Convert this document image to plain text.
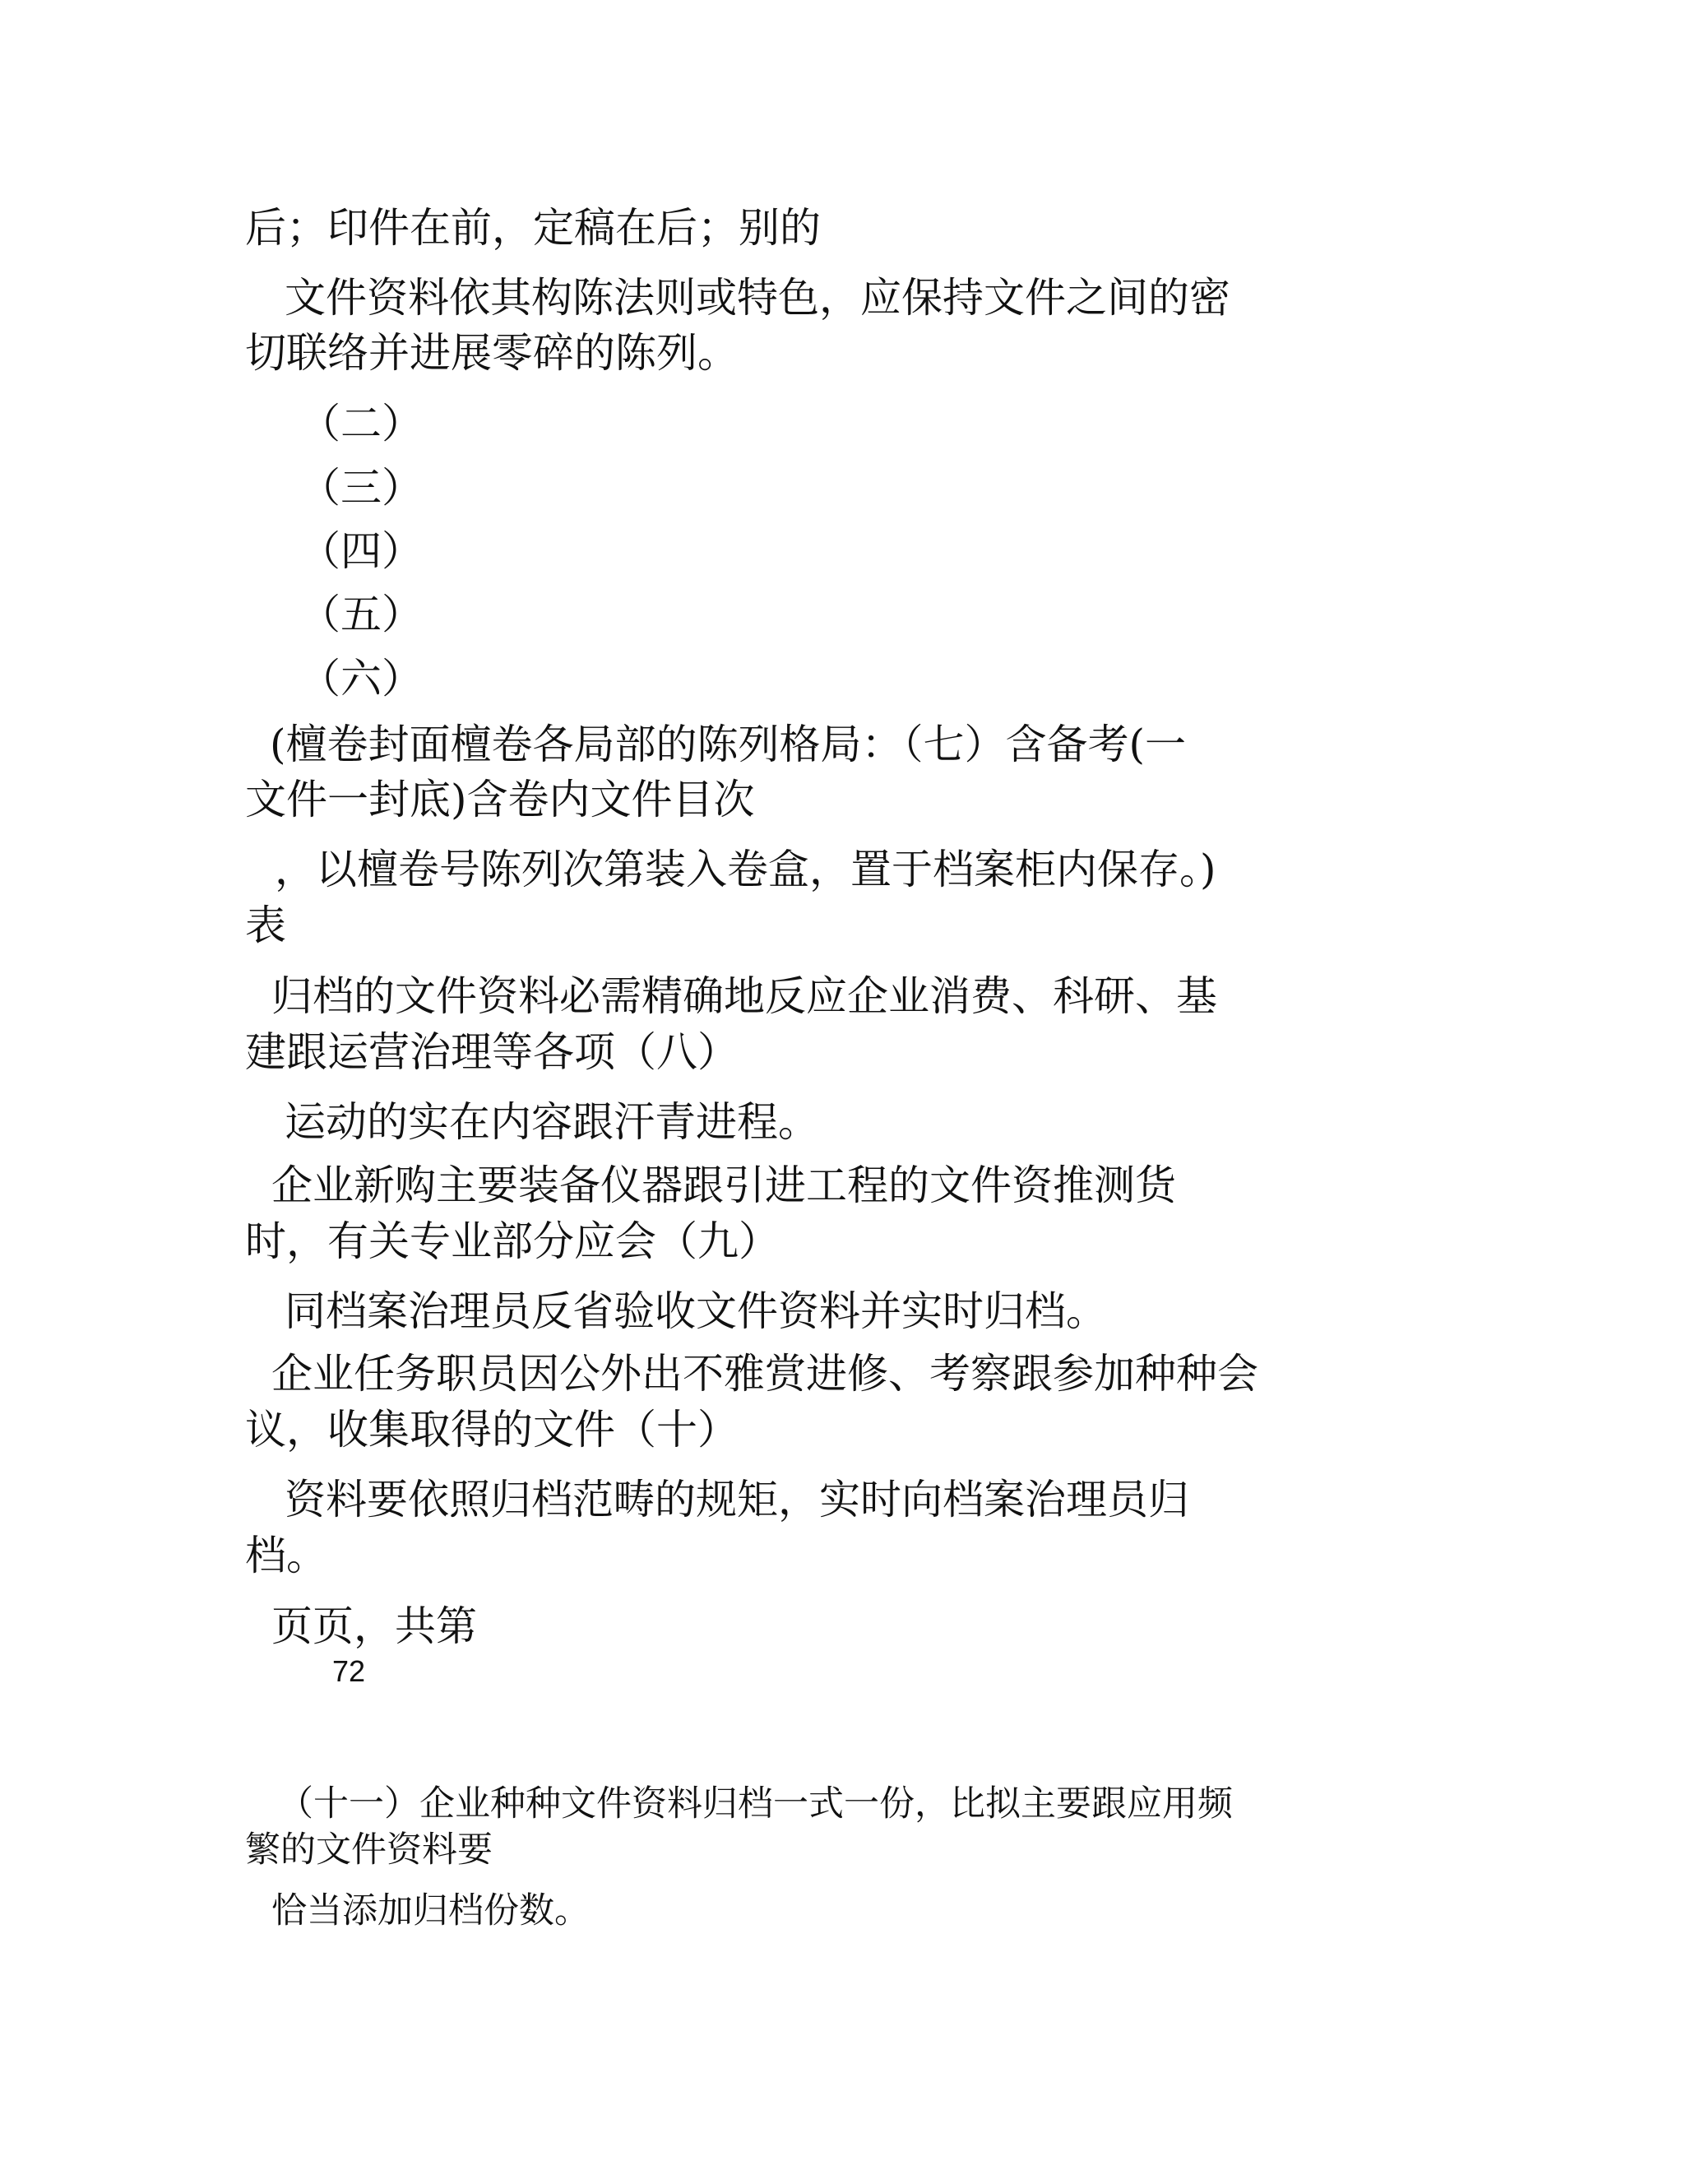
后；印件在前，定稿在后；别的

文件资料依其构陈法则或特色，应保持文件之间的密

切联络并进展零碎的陈列。

（二）

（三）

（四）

（五）

（六）

(檀卷封面檀卷各局部的陈列格局：（七）含备考(一

文件一封底)含卷内文件目次

，以檀卷号陈列次第装入卷盒，置于档案柜内保存。)

表

归档的文件资料必需精确地反应企业消费、科研、基

建跟运营治理等各项（八）

运动的实在内容跟汗青进程。

企业新购主要装备仪器跟引进工程的文件资推测货

时，有关专业部分应会（九）

同档案治理员反省验收文件资料并实时归档。

企业任务职员因公外出不雅赏进修、考察跟参加种种会

议，收集取得的文件（十）

资料要依照归档范畴的规矩，实时向档案治理员归

档。

页页，共第

72

（十一）企业种种文件资料归档一式一份，比拟主要跟应用频

繁的文件资料要

恰当添加归档份数。
